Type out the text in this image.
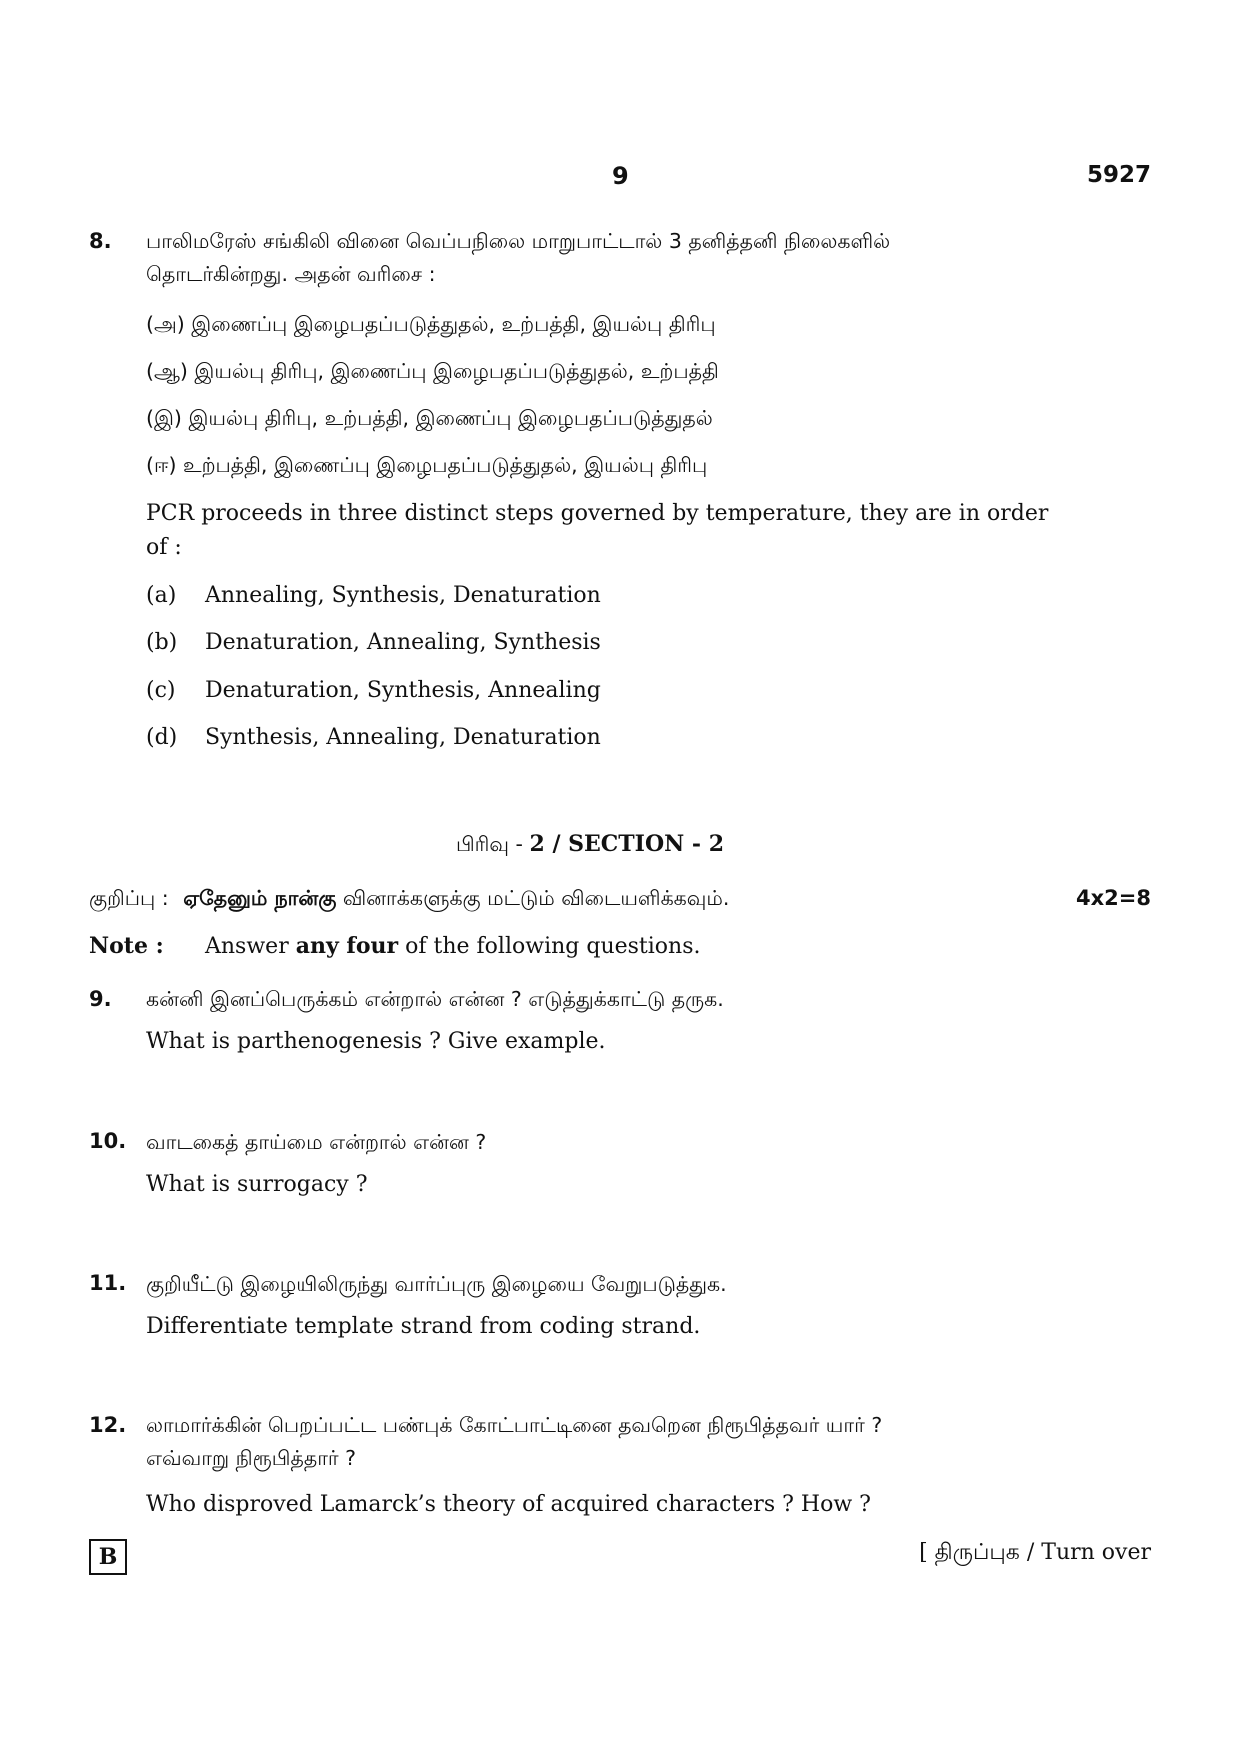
9	5927
8. பாலிமரேஸ் சங்கிலி வினை வெப்பநிலை மாறுபாட்டால் 3 தனித்தனி நிலைகளில்
தொடர்கின்றது. அதன் வரிசை :
(அ) இணைப்பு இழைபதப்படுத்துதல், உற்பத்தி, இயல்பு திரிபு
(ஆ) இயல்பு திரிபு, இணைப்பு இழைபதப்படுத்துதல், உற்பத்தி
(இ) இயல்பு திரிபு, உற்பத்தி, இணைப்பு இழைபதப்படுத்துதல்
(ஈ) உற்பத்தி, இணைப்பு இழைபதப்படுத்துதல், இயல்பு திரிபு
PCR proceeds in three distinct steps governed by temperature, they are in order
of :
(a) Annealing, Synthesis, Denaturation
(b) Denaturation, Annealing, Synthesis
(c) Denaturation, Synthesis, Annealing
(d) Synthesis, Annealing, Denaturation
பிரிவு - 2 / SECTION - 2
குறிப்பு : ஏதேனும் நான்கு வினாக்களுக்கு மட்டும் விடையளிக்கவும்.	4x2=8
Note : Answer any four of the following questions.
9. கன்னி இனப்பெருக்கம் என்றால் என்ன ? எடுத்துக்காட்டு தருக.
What is parthenogenesis ? Give example.
10. வாடகைத் தாய்மை என்றால் என்ன ?
What is surrogacy ?
11. குறியீட்டு இழையிலிருந்து வார்ப்புரு இழையை வேறுபடுத்துக.
Differentiate template strand from coding strand.
12. லாமார்க்கின் பெறப்பட்ட பண்புக் கோட்பாட்டினை தவறென நிரூபித்தவர் யார் ?
எவ்வாறு நிரூபித்தார் ?
Who disproved Lamarck’s theory of acquired characters ? How ?
B	[ திருப்புக / Turn over
